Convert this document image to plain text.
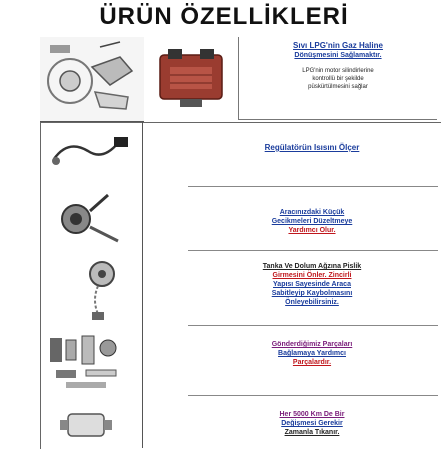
ÜRÜN ÖZELLİKLERİ
Sıvı LPG'nin Gaz Haline
Dönüşmesini Sağlamaktır.
LPG'nin motor silindirlerine
kontrollü bir şekilde
püskürtülmesini sağlar
Regülatörün Isısını Ölçer
Aracınızdaki Küçük
Gecikmeleri Düzeltmeye
Yardımcı Olur.
Tanka Ve Dolum Ağzına Pislik
Girmesini Önler. Zincirli
Yapısı Sayesinde Araca
Sabitleyip Kaybolmasını
Önleyebilirsiniz.
Gönderdiğimiz Parçaları
Bağlamaya Yardımcı
Parçalardır.
Her 5000 Km De Bir
Değişmesi Gerekir
Zamanla Tıkanır.
